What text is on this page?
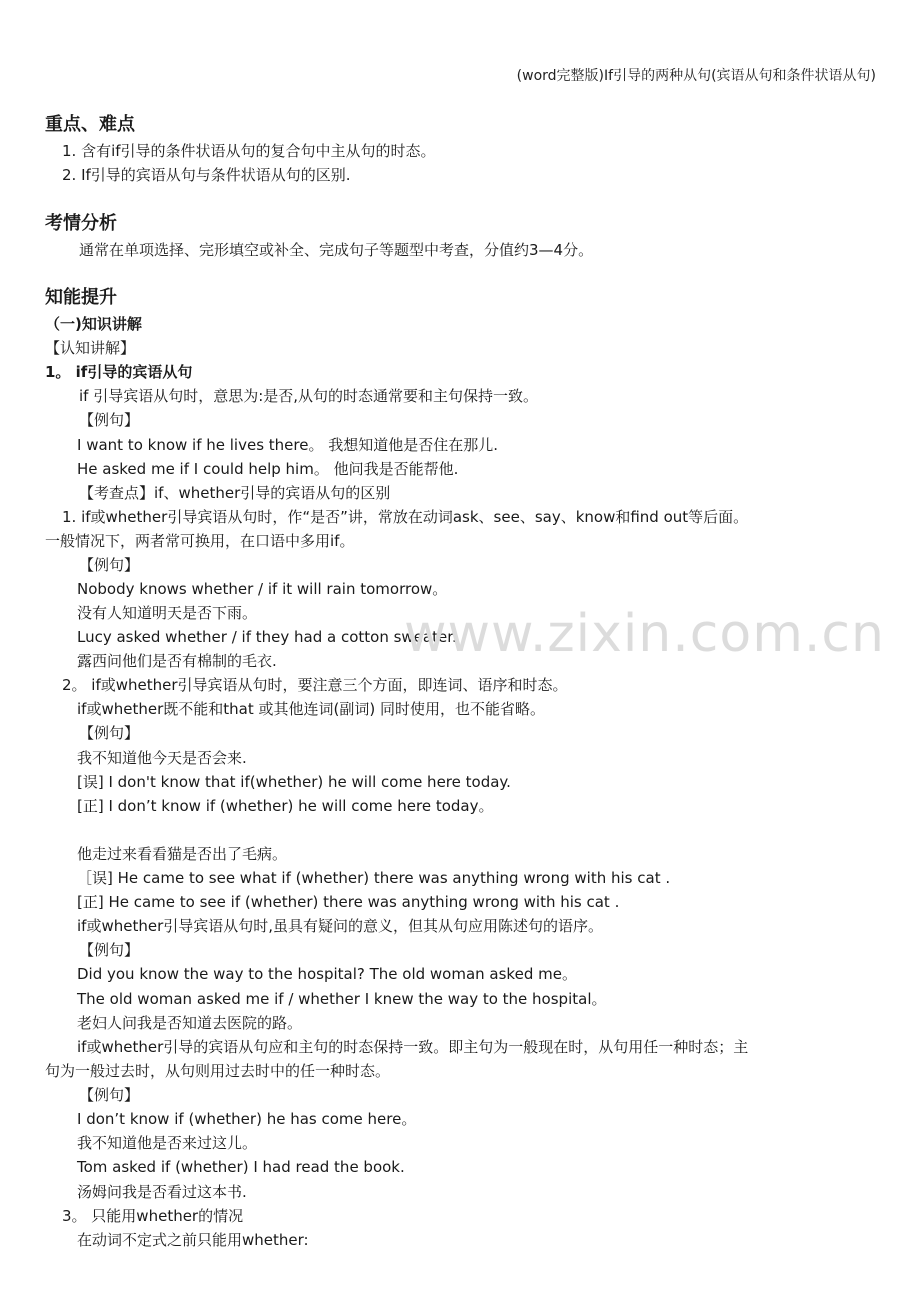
(word完整版)If引导的两种从句(宾语从句和条件状语从句)
重点、难点
1. 含有if引导的条件状语从句的复合句中主从句的时态。
2. If引导的宾语从句与条件状语从句的区别.
考情分析
通常在单项选择、完形填空或补全、完成句子等题型中考查，分值约3—4分。
知能提升
（一)知识讲解
【认知讲解】
1。 if引导的宾语从句
if 引导宾语从句时，意思为:是否,从句的时态通常要和主句保持一致。
【例句】
I want to know if he lives there。 我想知道他是否住在那儿.
He asked me if I could help him。 他问我是否能帮他.
【考查点】if、whether引导的宾语从句的区别
1. if或whether引导宾语从句时，作“是否”讲，常放在动词ask、see、say、know和find out等后面。
一般情况下，两者常可换用，在口语中多用if。
【例句】
Nobody knows whether / if it will rain tomorrow。
没有人知道明天是否下雨。
Lucy asked whether / if they had a cotton sweater.
露西问他们是否有棉制的毛衣.
2。 if或whether引导宾语从句时，要注意三个方面，即连词、语序和时态。
if或whether既不能和that 或其他连词(副词) 同时使用，也不能省略。
【例句】
我不知道他今天是否会来.
[误] I don't know that if(whether) he will come here today.
[正] I don’t know if (whether) he will come here today。
他走过来看看猫是否出了毛病。
［误] He came to see what if (whether) there was anything wrong with his cat .
[正] He came to see if (whether) there was anything wrong with his cat .
if或whether引导宾语从句时,虽具有疑问的意义，但其从句应用陈述句的语序。
【例句】
Did you know the way to the hospital? The old woman asked me。
The old woman asked me if / whether I knew the way to the hospital。
老妇人问我是否知道去医院的路。
if或whether引导的宾语从句应和主句的时态保持一致。即主句为一般现在时，从句用任一种时态；主
句为一般过去时，从句则用过去时中的任一种时态。
【例句】
I don’t know if (whether) he has come here。
我不知道他是否来过这儿。
Tom asked if (whether) I had read the book.
汤姆问我是否看过这本书.
3。 只能用whether的情况
在动词不定式之前只能用whether:
www.zixin.com.cn
